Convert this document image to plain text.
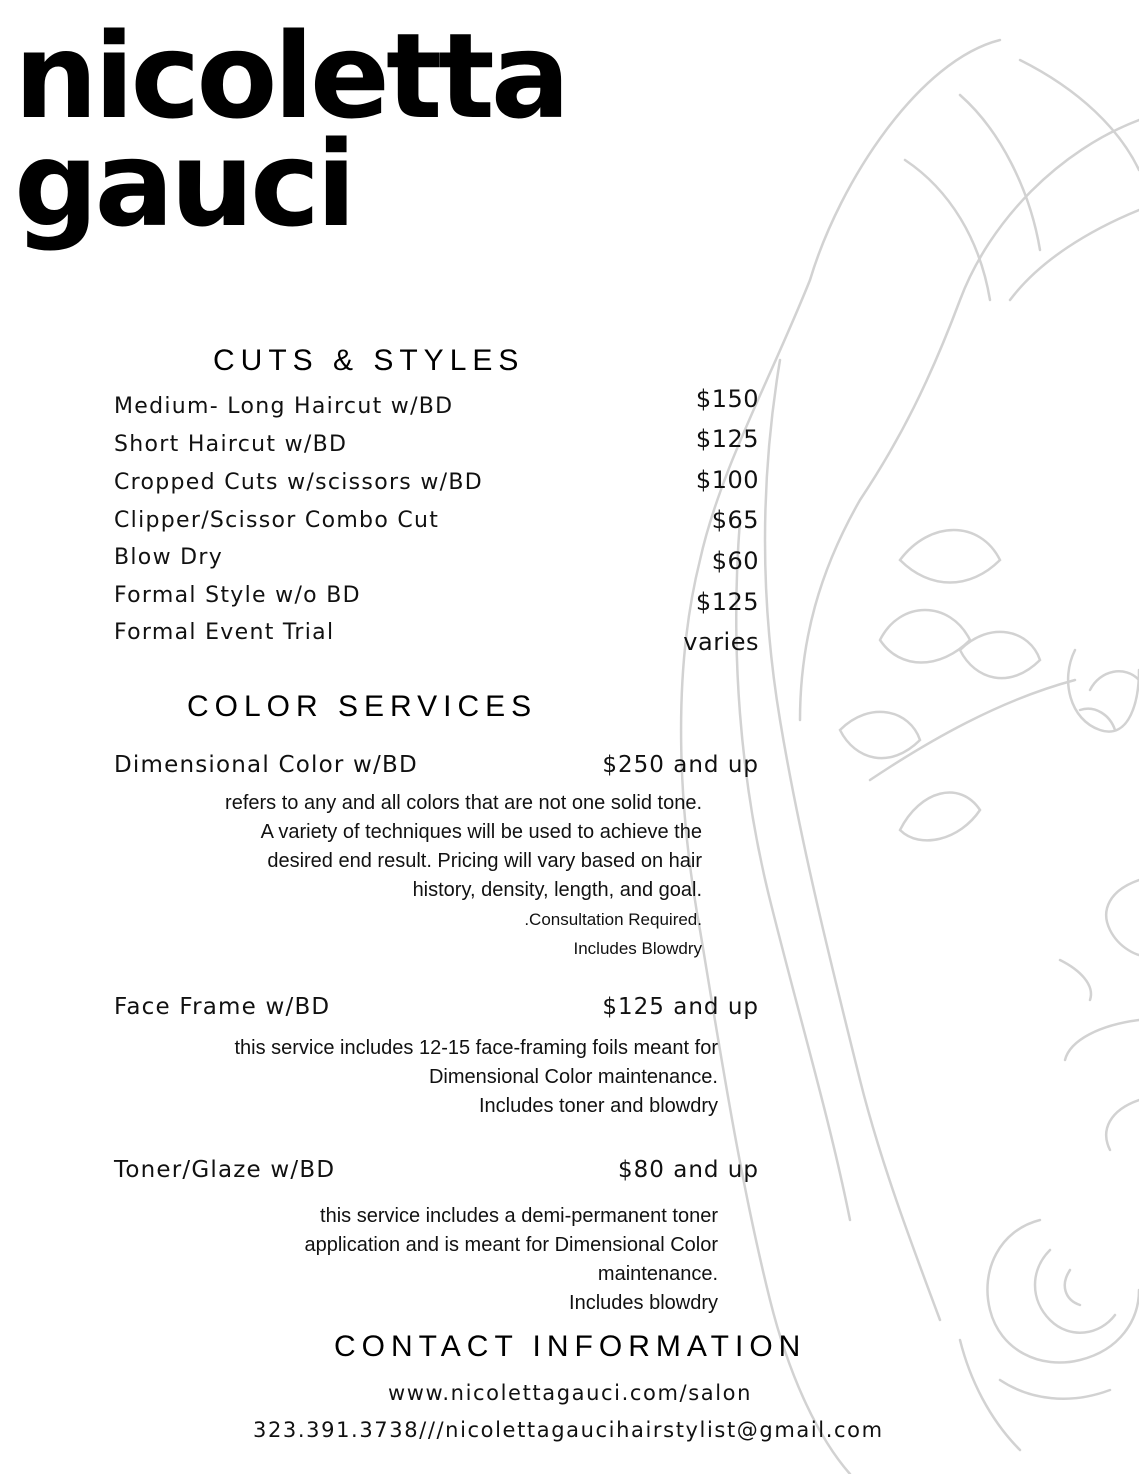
nicoletta
gauci
CUTS & STYLES
Medium- Long Haircut w/BD	$150
Short Haircut w/BD	$125
Cropped Cuts w/scissors w/BD	$100
Clipper/Scissor Combo Cut	$65
Blow Dry	$60
Formal Style w/o BD	$125
Formal Event Trial	varies
COLOR SERVICES
Dimensional Color w/BD	$250 and up
refers to any and all colors that are not one solid tone.
A variety of techniques will be used to achieve the
desired end result. Pricing will vary based on hair
history, density, length, and goal.
.Consultation Required.
Includes Blowdry
Face Frame w/BD	$125 and up
this service includes 12-15 face-framing foils meant for
Dimensional Color maintenance.
Includes toner and blowdry
Toner/Glaze w/BD	$80 and up
this service includes a demi-permanent toner
application and is meant for Dimensional Color
maintenance.
Includes blowdry
CONTACT INFORMATION
www.nicolettagauci.com/salon
323.391.3738///nicolettagaucihairstylist@gmail.com
